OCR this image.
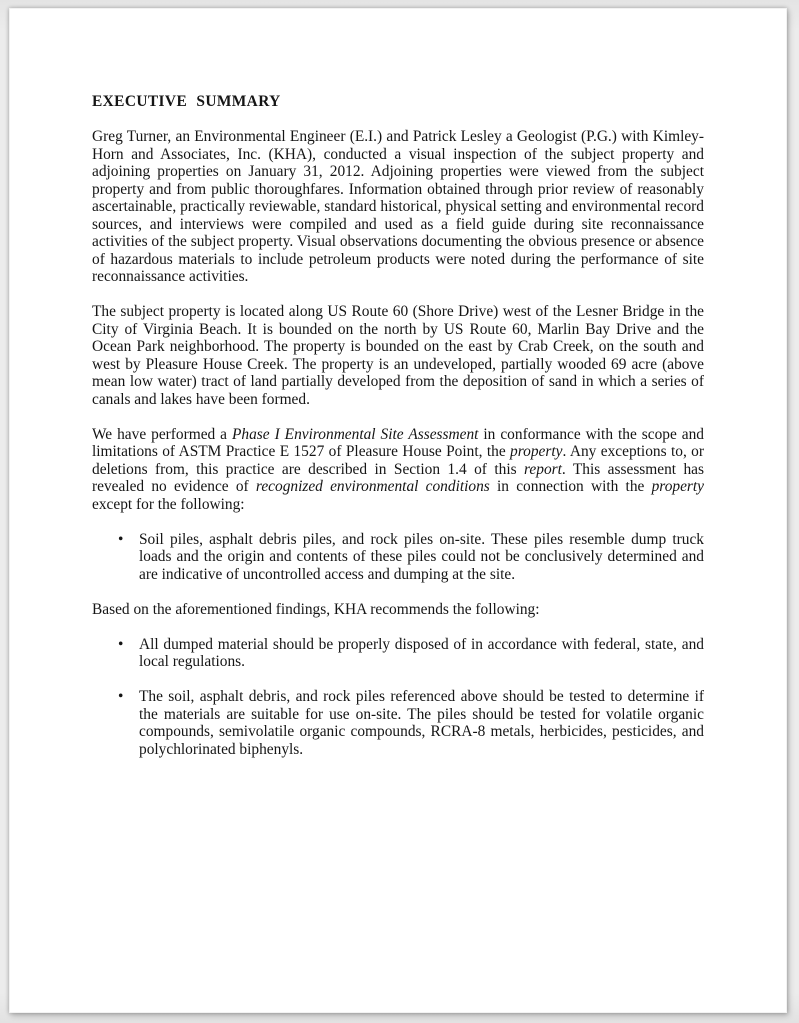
EXECUTIVE SUMMARY

Greg Turner, an Environmental Engineer (E.I.) and Patrick Lesley a Geologist (P.G.) with Kimley-Horn and Associates, Inc. (KHA), conducted a visual inspection of the subject property and adjoining properties on January 31, 2012. Adjoining properties were viewed from the subject property and from public thoroughfares. Information obtained through prior review of reasonably ascertainable, practically reviewable, standard historical, physical setting and environmental record sources, and interviews were compiled and used as a field guide during site reconnaissance activities of the subject property. Visual observations documenting the obvious presence or absence of hazardous materials to include petroleum products were noted during the performance of site reconnaissance activities.

The subject property is located along US Route 60 (Shore Drive) west of the Lesner Bridge in the City of Virginia Beach. It is bounded on the north by US Route 60, Marlin Bay Drive and the Ocean Park neighborhood. The property is bounded on the east by Crab Creek, on the south and west by Pleasure House Creek. The property is an undeveloped, partially wooded 69 acre (above mean low water) tract of land partially developed from the deposition of sand in which a series of canals and lakes have been formed.

We have performed a Phase I Environmental Site Assessment in conformance with the scope and limitations of ASTM Practice E 1527 of Pleasure House Point, the property. Any exceptions to, or deletions from, this practice are described in Section 1.4 of this report. This assessment has revealed no evidence of recognized environmental conditions in connection with the property except for the following:

• Soil piles, asphalt debris piles, and rock piles on-site. These piles resemble dump truck loads and the origin and contents of these piles could not be conclusively determined and are indicative of uncontrolled access and dumping at the site.

Based on the aforementioned findings, KHA recommends the following:

• All dumped material should be properly disposed of in accordance with federal, state, and local regulations.
• The soil, asphalt debris, and rock piles referenced above should be tested to determine if the materials are suitable for use on-site. The piles should be tested for volatile organic compounds, semivolatile organic compounds, RCRA-8 metals, herbicides, pesticides, and polychlorinated biphenyls.
